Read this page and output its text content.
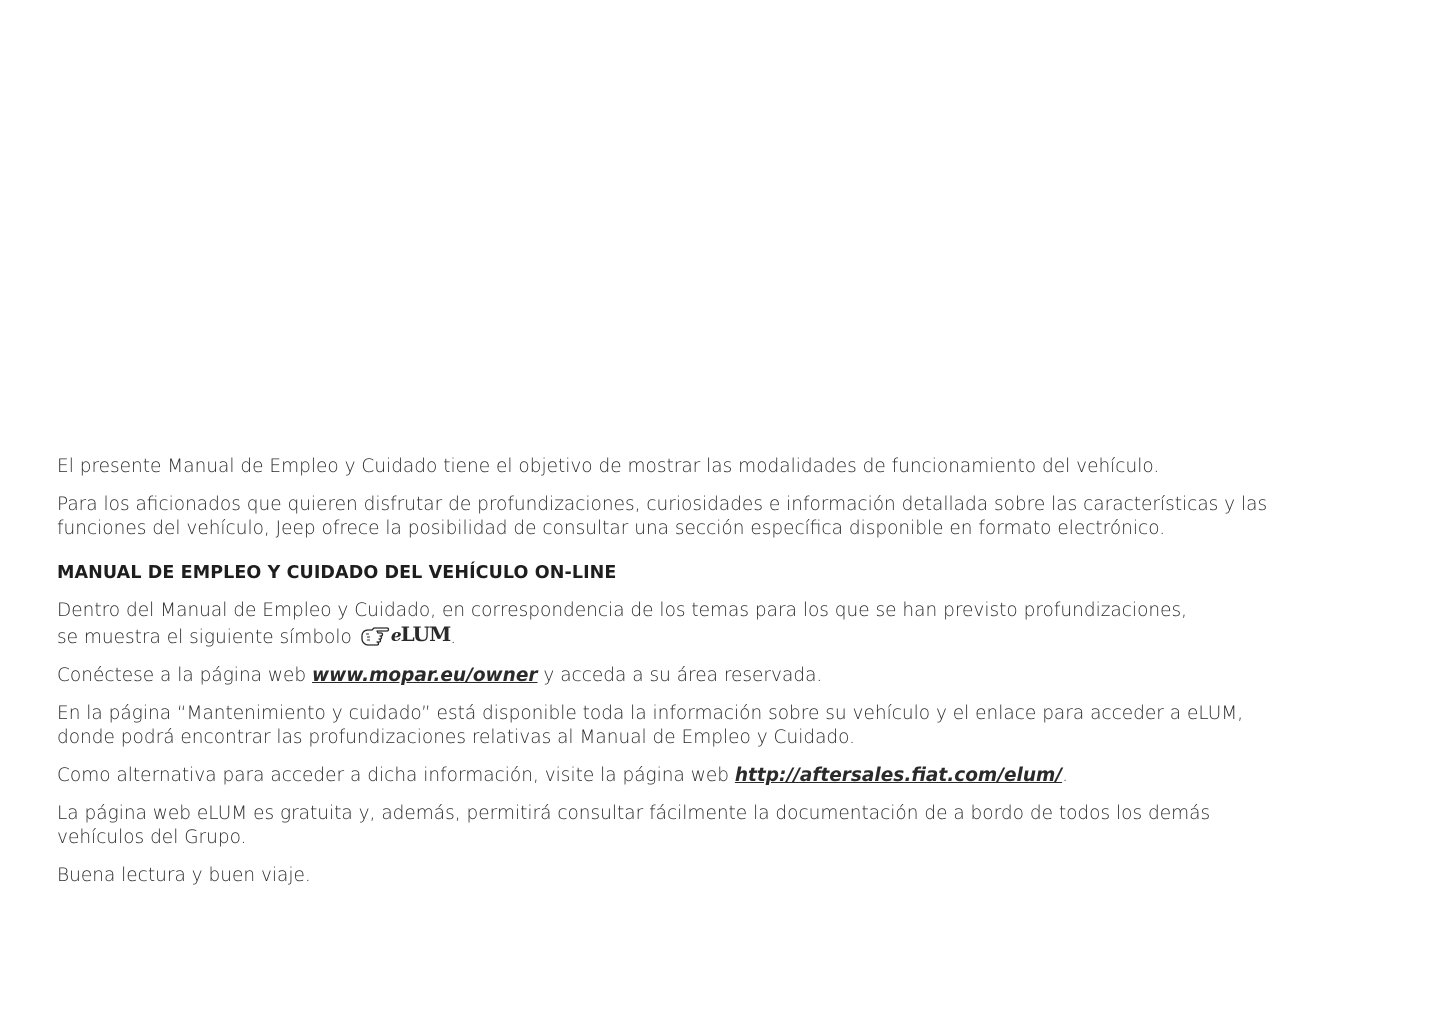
El presente Manual de Empleo y Cuidado tiene el objetivo de mostrar las modalidades de funcionamiento del vehículo.

Para los aficionados que quieren disfrutar de profundizaciones, curiosidades e información detallada sobre las características y las
funciones del vehículo, Jeep ofrece la posibilidad de consultar una sección específica disponible en formato electrónico.

MANUAL DE EMPLEO Y CUIDADO DEL VEHÍCULO ON-LINE

Dentro del Manual de Empleo y Cuidado, en correspondencia de los temas para los que se han previsto profundizaciones,
se muestra el siguiente símbolo eLUM .

Conéctese a la página web www.mopar.eu/owner y acceda a su área reservada.

En la página “Mantenimiento y cuidado” está disponible toda la información sobre su vehículo y el enlace para acceder a eLUM,
donde podrá encontrar las profundizaciones relativas al Manual de Empleo y Cuidado.

Como alternativa para acceder a dicha información, visite la página web http://aftersales.fiat.com/elum/.

La página web eLUM es gratuita y, además, permitirá consultar fácilmente la documentación de a bordo de todos los demás
vehículos del Grupo.

Buena lectura y buen viaje.
